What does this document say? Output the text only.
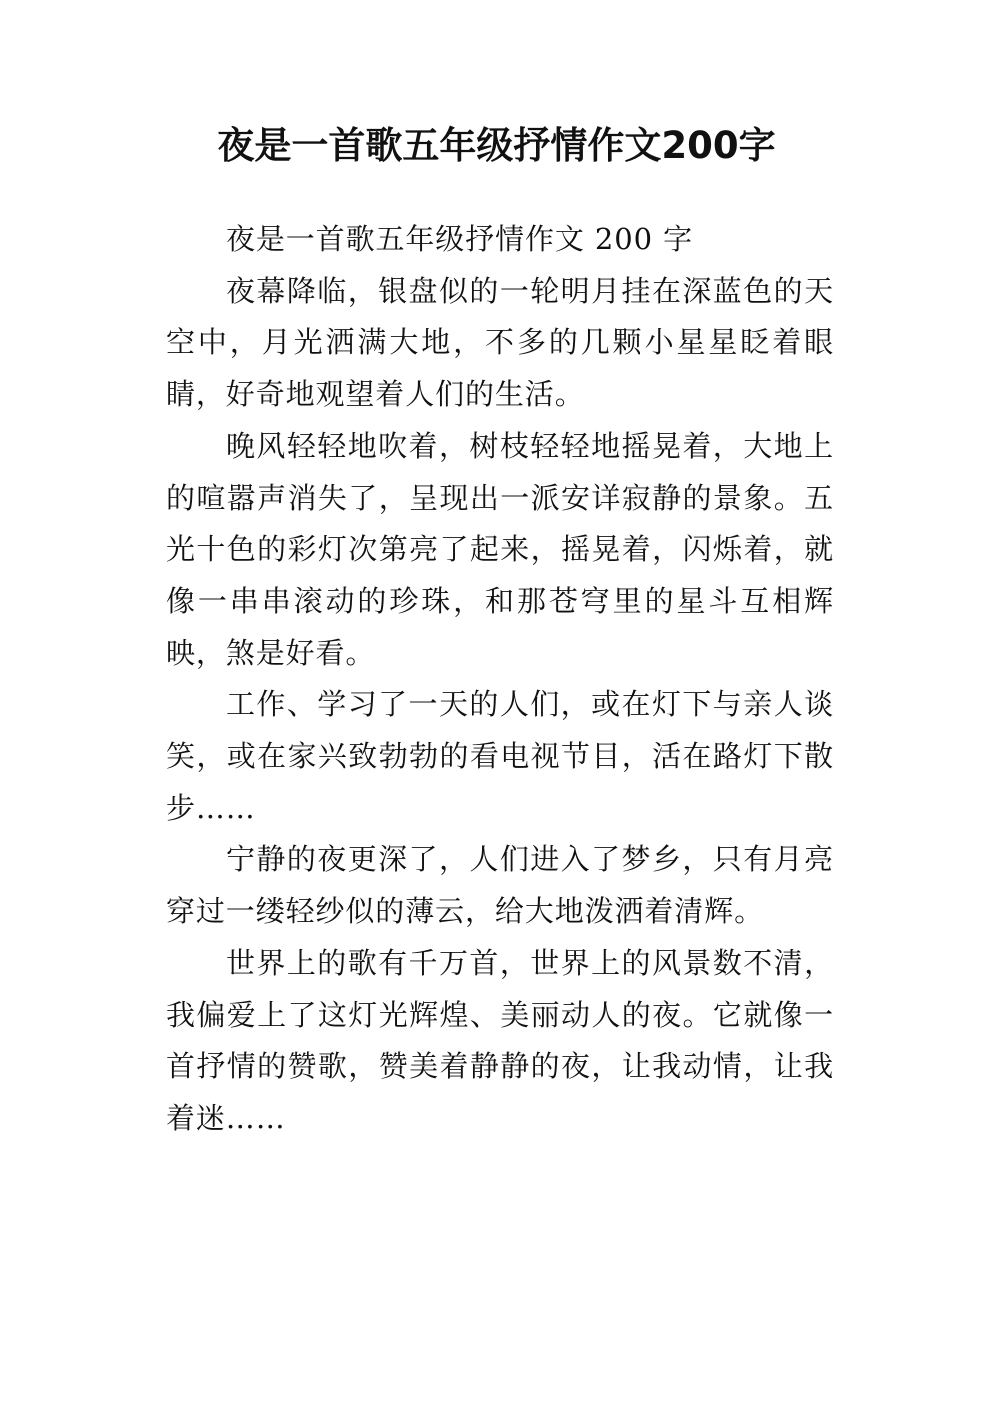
夜是一首歌五年级抒情作文200字

夜是一首歌五年级抒情作文 200 字

夜幕降临，银盘似的一轮明月挂在深蓝色的天空中，月光洒满大地，不多的几颗小星星眨着眼睛，好奇地观望着人们的生活。

晚风轻轻地吹着，树枝轻轻地摇晃着，大地上的喧嚣声消失了，呈现出一派安详寂静的景象。五光十色的彩灯次第亮了起来，摇晃着，闪烁着，就像一串串滚动的珍珠，和那苍穹里的星斗互相辉映，煞是好看。

工作、学习了一天的人们，或在灯下与亲人谈笑，或在家兴致勃勃的看电视节目，活在路灯下散步……

宁静的夜更深了，人们进入了梦乡，只有月亮穿过一缕轻纱似的薄云，给大地泼洒着清辉。

世界上的歌有千万首，世界上的风景数不清，我偏爱上了这灯光辉煌、美丽动人的夜。它就像一首抒情的赞歌，赞美着静静的夜，让我动情，让我着迷……
